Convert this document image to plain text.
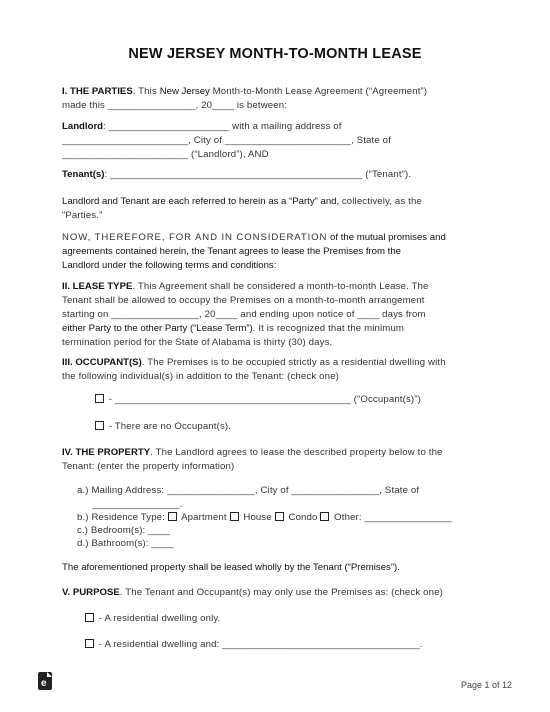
NEW JERSEY MONTH-TO-MONTH LEASE
I. THE PARTIES. This New Jersey Month-to-Month Lease Agreement (“Agreement”)
made this ________________, 20____ is between:
Landlord: ______________________ with a mailing address of
_______________________, City of _______________________, State of
_______________________ (“Landlord”), AND
Tenant(s): ______________________________________________ (“Tenant”).
Landlord and Tenant are each referred to herein as a “Party” and, collectively, as the
“Parties.”
NOW, THEREFORE, FOR AND IN CONSIDERATION of the mutual promises and
agreements contained herein, the Tenant agrees to lease the Premises from the
Landlord under the following terms and conditions:
II. LEASE TYPE. This Agreement shall be considered a month-to-month Lease. The
Tenant shall be allowed to occupy the Premises on a month-to-month arrangement
starting on ________________, 20____ and ending upon notice of ____ days from
either Party to the other Party (“Lease Term”). It is recognized that the minimum
termination period for the State of Alabama is thirty (30) days.
III. OCCUPANT(S). The Premises is to be occupied strictly as a residential dwelling with
the following individual(s) in addition to the Tenant: (check one)
- ___________________________________________ (“Occupant(s)”)
- There are no Occupant(s).
IV. THE PROPERTY. The Landlord agrees to lease the described property below to the
Tenant: (enter the property information)
a.) Mailing Address: ________________, City of ________________, State of
________________.
b.) Residence Type:  Apartment  House  Condo  Other: ________________
c.) Bedroom(s): ____
d.) Bathroom(s): ____
The aforementioned property shall be leased wholly by the Tenant (“Premises”).
V. PURPOSE. The Tenant and Occupant(s) may only use the Premises as: (check one)
- A residential dwelling only.
- A residential dwelling and: ____________________________________.
e	Page 1 of 12
